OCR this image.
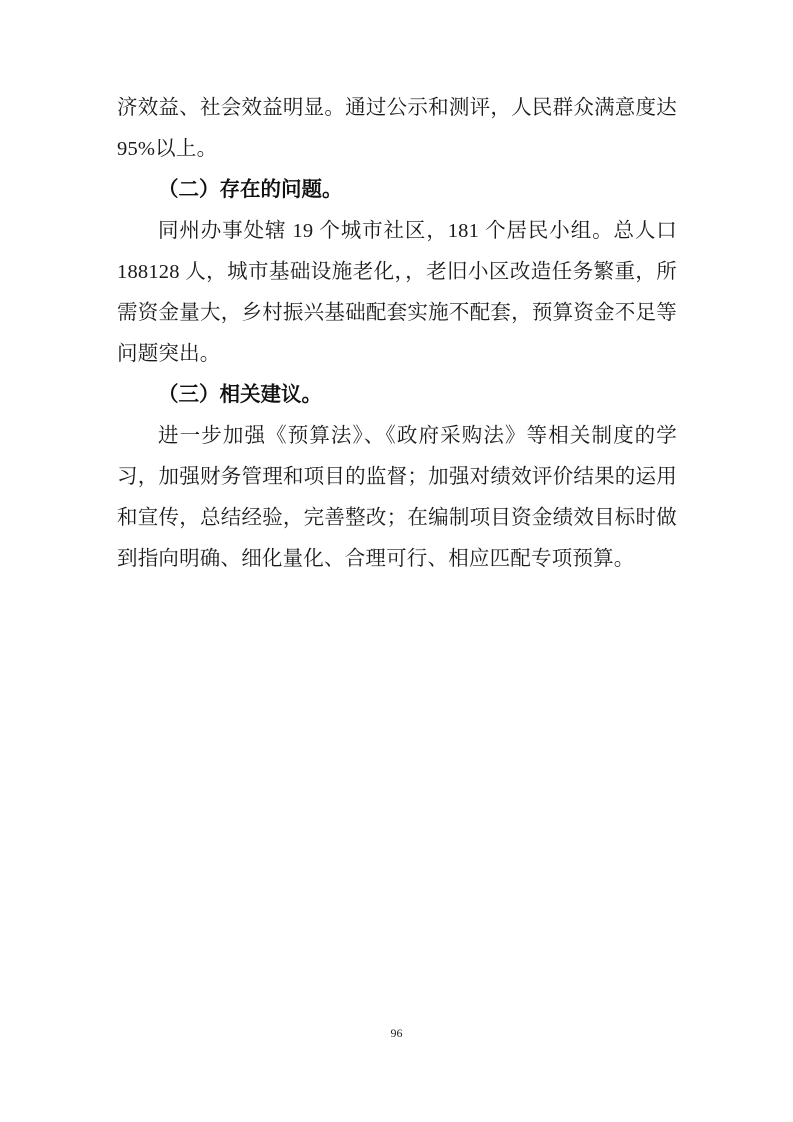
济效益、社会效益明显。通过公示和测评，人民群众满意度达 95%以上。

（二）存在的问题。

同州办事处辖 19 个城市社区，181 个居民小组。总人口 188128 人，城市基础设施老化，，老旧小区改造任务繁重，所需资金量大，乡村振兴基础配套实施不配套，预算资金不足等问题突出。

（三）相关建议。

进一步加强《预算法》、《政府采购法》等相关制度的学习，加强财务管理和项目的监督；加强对绩效评价结果的运用和宣传，总结经验，完善整改；在编制项目资金绩效目标时做到指向明确、细化量化、合理可行、相应匹配专项预算。

96
